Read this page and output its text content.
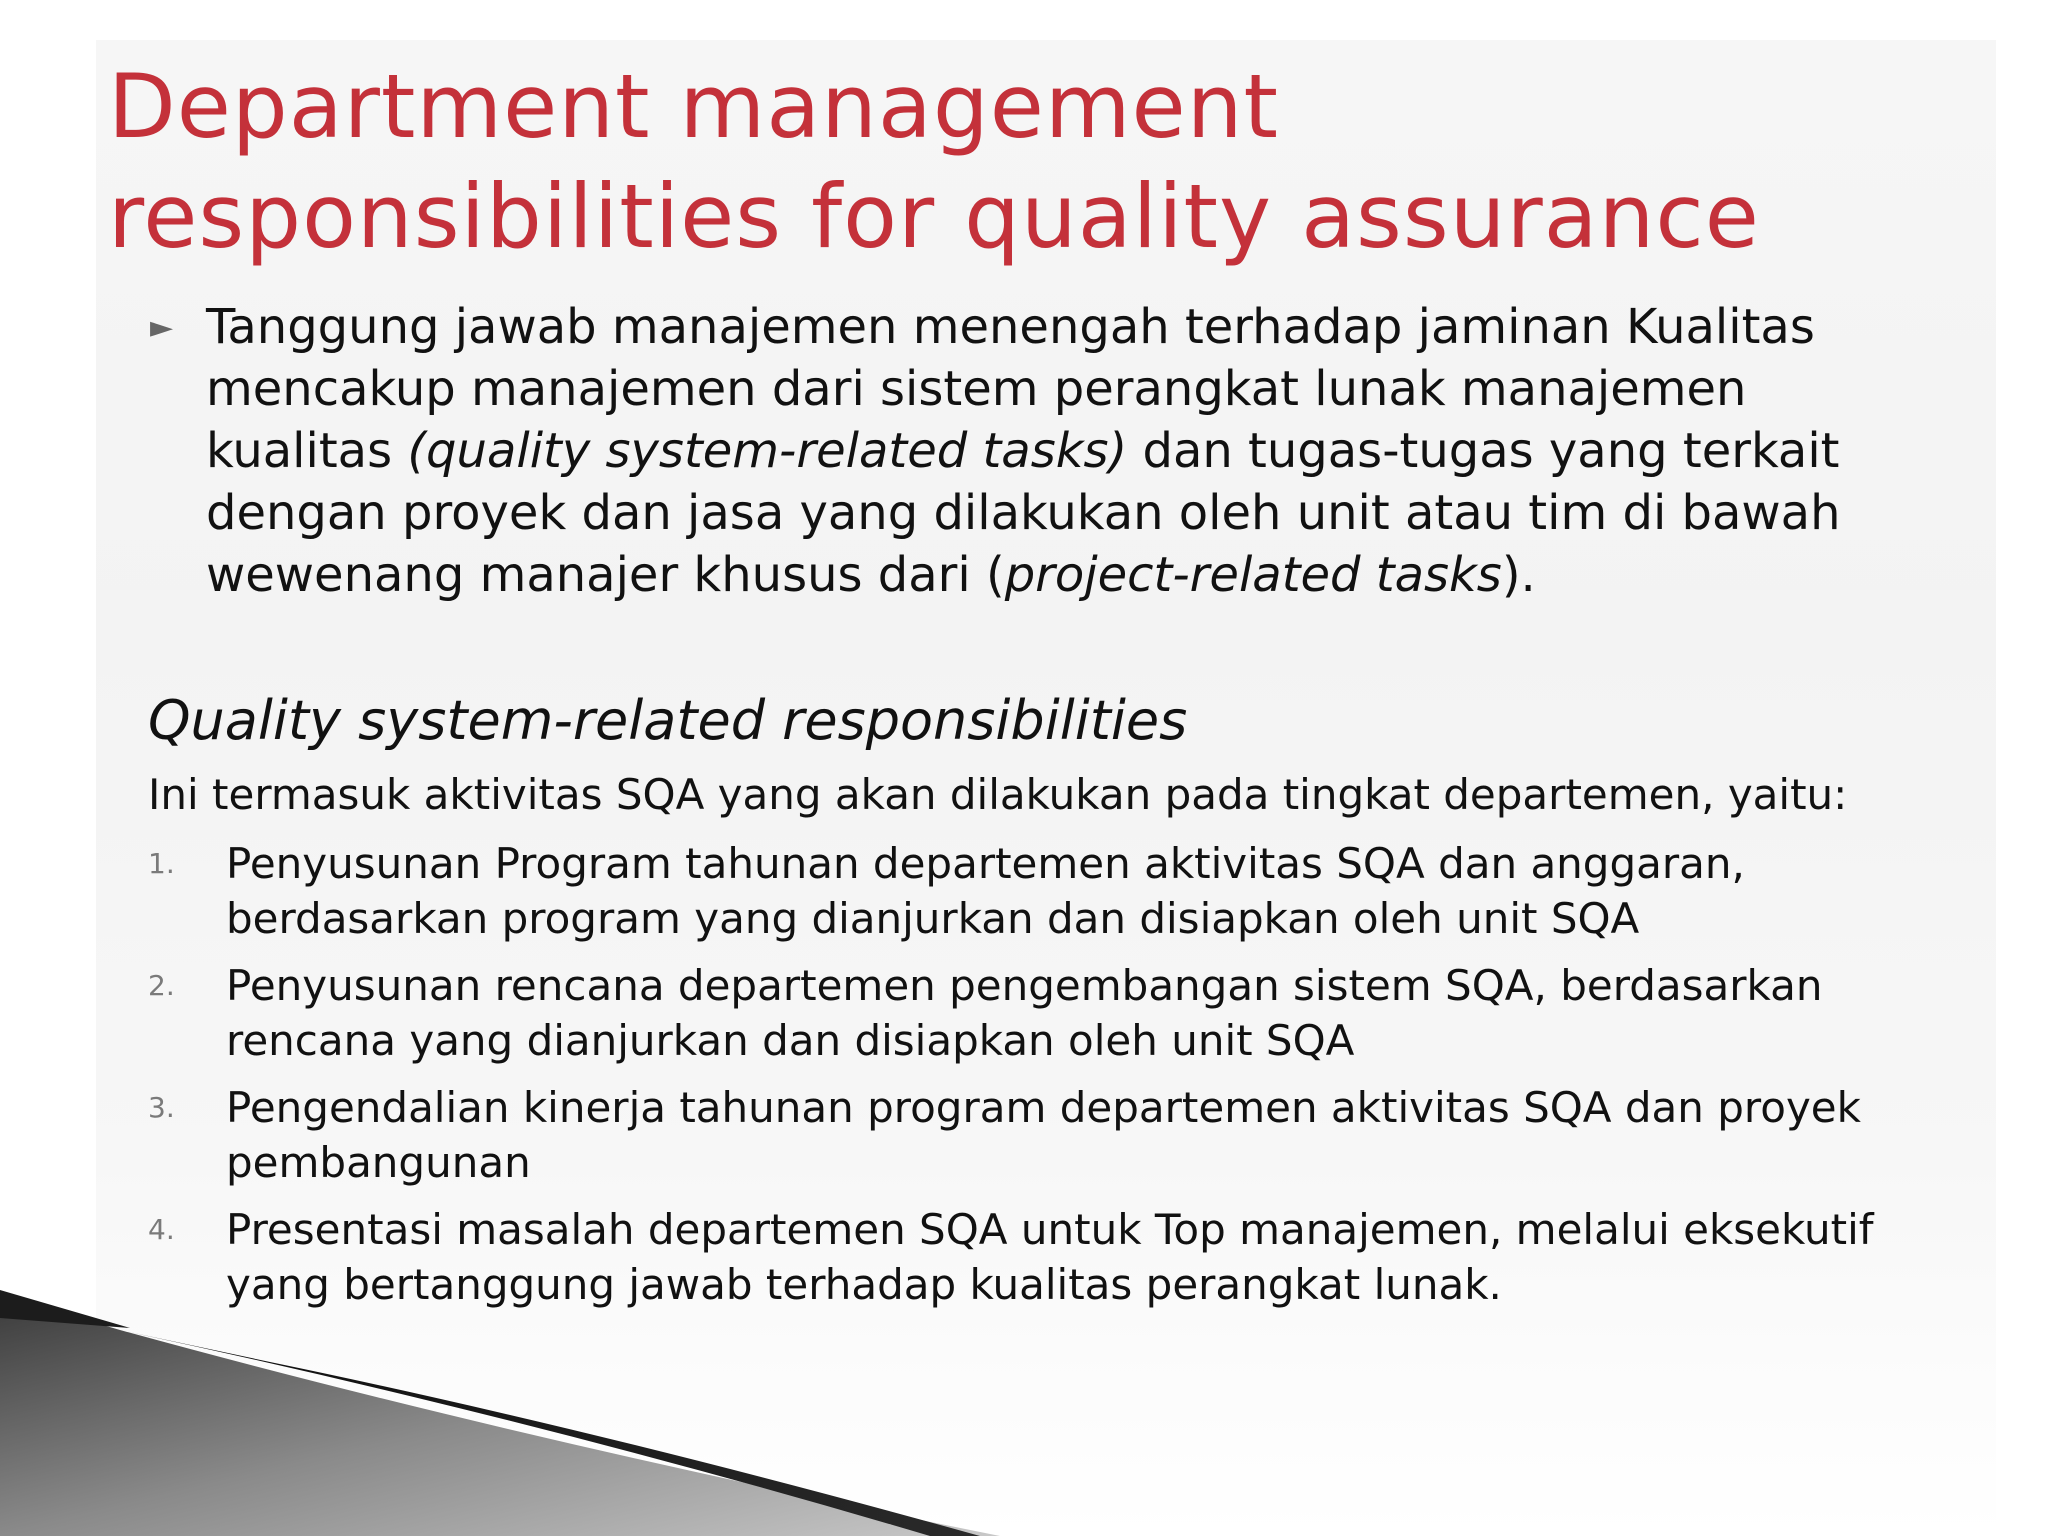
Department management
responsibilities for quality assurance
► Tanggung jawab manajemen menengah terhadap jaminan Kualitas mencakup manajemen dari sistem perangkat lunak manajemen kualitas (quality system-related tasks) dan tugas-tugas yang terkait dengan proyek dan jasa yang dilakukan oleh unit atau tim di bawah wewenang manajer khusus dari (project-related tasks).

Quality system-related responsibilities

Ini termasuk aktivitas SQA yang akan dilakukan pada tingkat departemen, yaitu:

1.	Penyusunan Program tahunan departemen aktivitas SQA dan anggaran, berdasarkan program yang dianjurkan dan disiapkan oleh unit SQA
2.	Penyusunan rencana departemen pengembangan sistem SQA, berdasarkan rencana yang dianjurkan dan disiapkan oleh unit SQA
3.	Pengendalian kinerja tahunan program departemen aktivitas SQA dan proyek pembangunan
4.	Presentasi masalah departemen SQA untuk Top manajemen, melalui eksekutif yang bertanggung jawab terhadap kualitas perangkat lunak.
